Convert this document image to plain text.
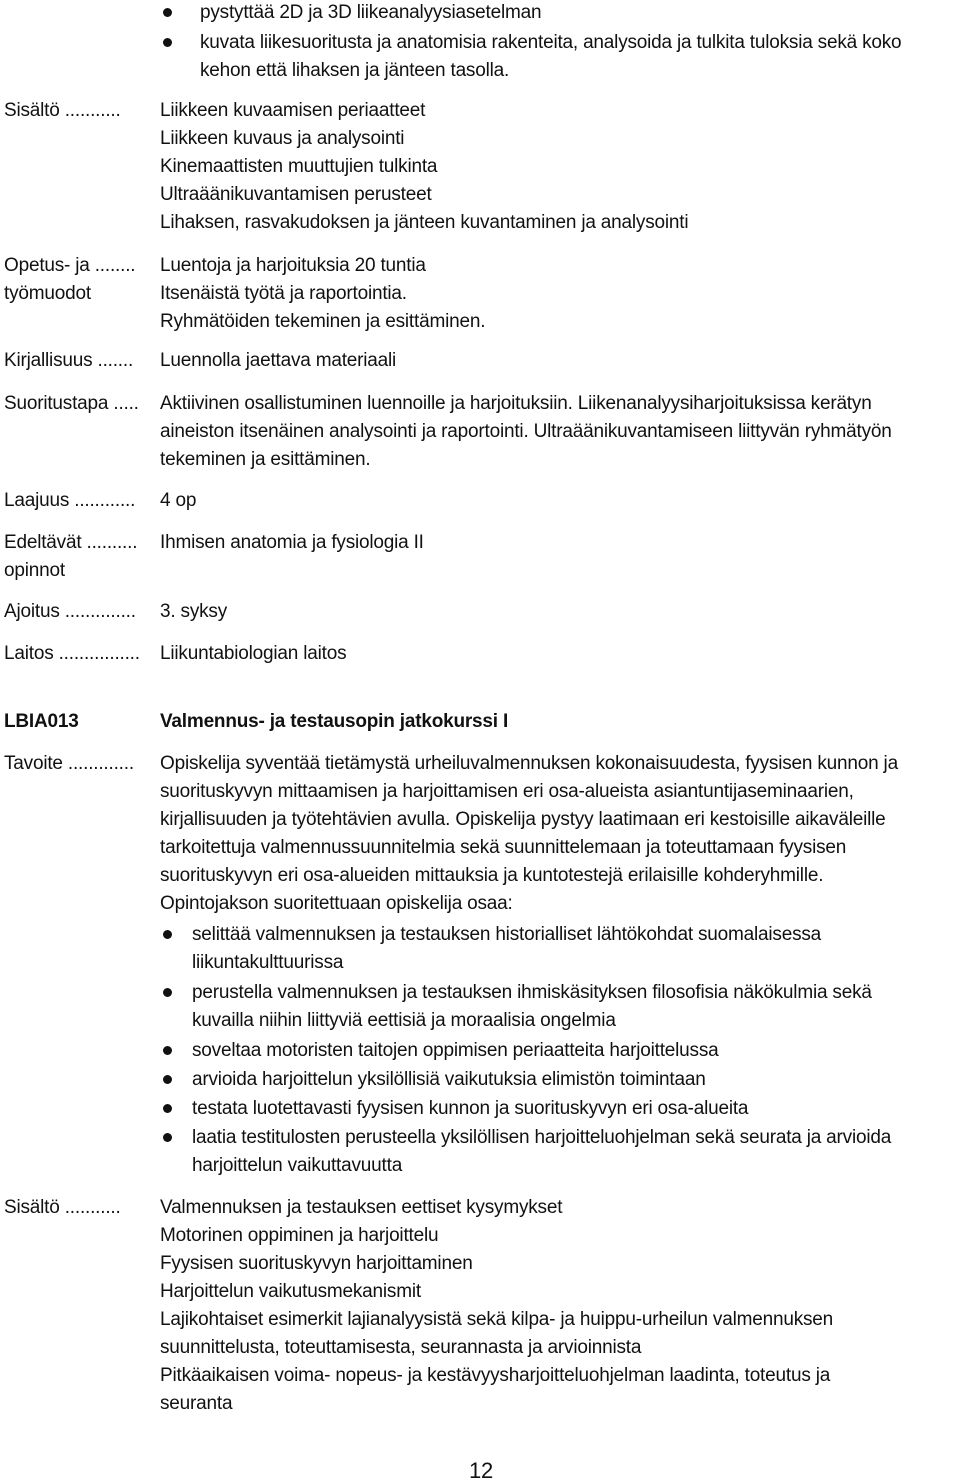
pystyttää 2D ja 3D liikeanalyysiasetelman
kuvata liikesuoritusta ja anatomisia rakenteita, analysoida ja tulkita tuloksia sekä koko
kehon että lihaksen ja jänteen tasolla.
Sisältö ........... Liikkeen kuvaamisen periaatteet
Liikkeen kuvaus ja analysointi
Kinemaattisten muuttujien tulkinta
Ultraäänikuvantamisen perusteet
Lihaksen, rasvakudoksen ja jänteen kuvantaminen ja analysointi
Opetus- ja ........
työmuodot
Luentoja ja harjoituksia 20 tuntia
Itsenäistä työtä ja raportointia.
Ryhmätöiden tekeminen ja esittäminen.
Kirjallisuus ....... Luennolla jaettava materiaali
Suoritustapa ..... Aktiivinen osallistuminen luennoille ja harjoituksiin. Liikenanalyysiharjoituksissa kerätyn
aineiston itsenäinen analysointi ja raportointi. Ultraäänikuvantamiseen liittyvän ryhmätyön
tekeminen ja esittäminen.
Laajuus ............ 4 op
Edeltävät ..........
opinnot
Ihmisen anatomia ja fysiologia II
Ajoitus .............. 3. syksy
Laitos ................ Liikuntabiologian laitos
LBIA013	Valmennus- ja testausopin jatkokurssi I
Tavoite ............. Opiskelija syventää tietämystä urheiluvalmennuksen kokonaisuudesta, fyysisen kunnon ja
suorituskyvyn mittaamisen ja harjoittamisen eri osa-alueista asiantuntijaseminaarien,
kirjallisuuden ja työtehtävien avulla. Opiskelija pystyy laatimaan eri kestoisille aikaväleille
tarkoitettuja valmennussuunnitelmia sekä suunnittelemaan ja toteuttamaan fyysisen
suorituskyvyn eri osa-alueiden mittauksia ja kuntotestejä erilaisille kohderyhmille.
Opintojakson suoritettuaan opiskelija osaa:
selittää valmennuksen ja testauksen historialliset lähtökohdat suomalaisessa
liikuntakulttuurissa
perustella valmennuksen ja testauksen ihmiskäsityksen filosofisia näkökulmia sekä
kuvailla niihin liittyviä eettisiä ja moraalisia ongelmia
soveltaa motoristen taitojen oppimisen periaatteita harjoittelussa
arvioida harjoittelun yksilöllisiä vaikutuksia elimistön toimintaan
testata luotettavasti fyysisen kunnon ja suorituskyvyn eri osa-alueita
laatia testitulosten perusteella yksilöllisen harjoitteluohjelman sekä seurata ja arvioida
harjoittelun vaikuttavuutta
Sisältö ........... Valmennuksen ja testauksen eettiset kysymykset
Motorinen oppiminen ja harjoittelu
Fyysisen suorituskyvyn harjoittaminen
Harjoittelun vaikutusmekanismit
Lajikohtaiset esimerkit lajianalyysistä sekä kilpa- ja huippu-urheilun valmennuksen
suunnittelusta, toteuttamisesta, seurannasta ja arvioinnista
Pitkäaikaisen voima- nopeus- ja kestävyysharjoitteluohjelman laadinta, toteutus ja
seuranta
12
